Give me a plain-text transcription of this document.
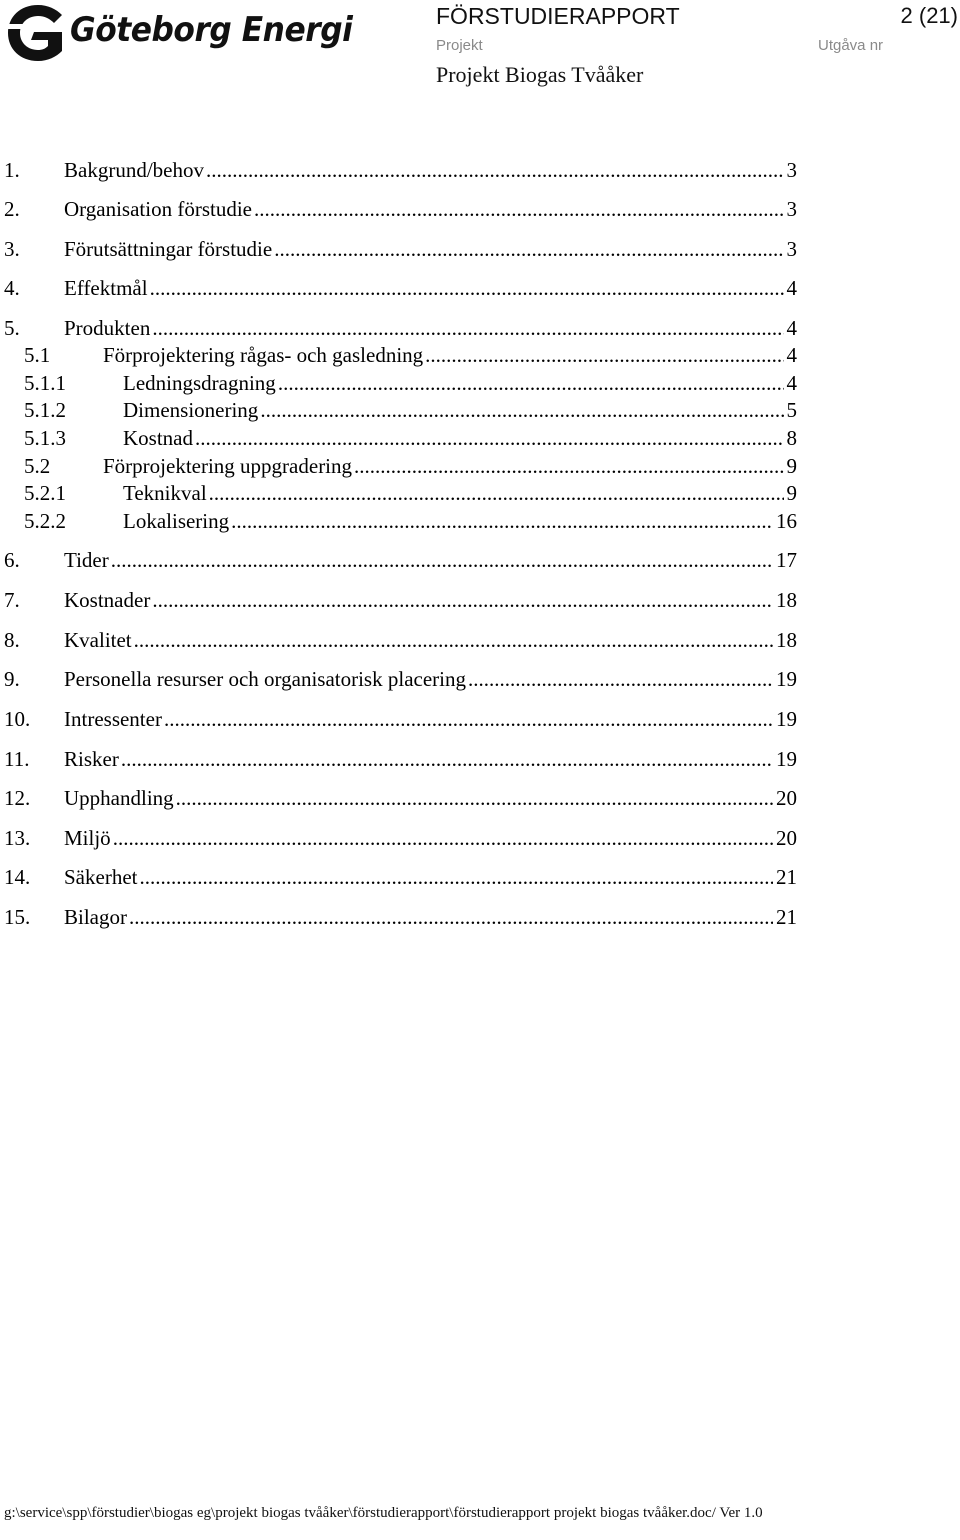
Göteborg Energi	FÖRSTUDIERAPPORT	2 (21)
Projekt	Utgåva nr
Projekt Biogas Tvååker
1.	Bakgrund/behov .....	3
2.	Organisation förstudie .....	3
3.	Förutsättningar förstudie .....	3
4.	Effektmål .....	4
5.	Produkten .....	4
5.1	Förprojektering rågas- och gasledning .....	4
5.1.1	Ledningsdragning .....	4
5.1.2	Dimensionering .....	5
5.1.3	Kostnad .....	8
5.2	Förprojektering uppgradering .....	9
5.2.1	Teknikval .....	9
5.2.2	Lokalisering .....	16
6.	Tider .....	17
7.	Kostnader .....	18
8.	Kvalitet .....	18
9.	Personella resurser och organisatorisk placering .....	19
10.	Intressenter .....	19
11.	Risker .....	19
12.	Upphandling .....	20
13.	Miljö .....	20
14.	Säkerhet .....	21
15.	Bilagor .....	21
g:\service\spp\förstudier\biogas eg\projekt biogas tvååker\förstudierapport\förstudierapport projekt biogas tvååker.doc/ Ver 1.0
